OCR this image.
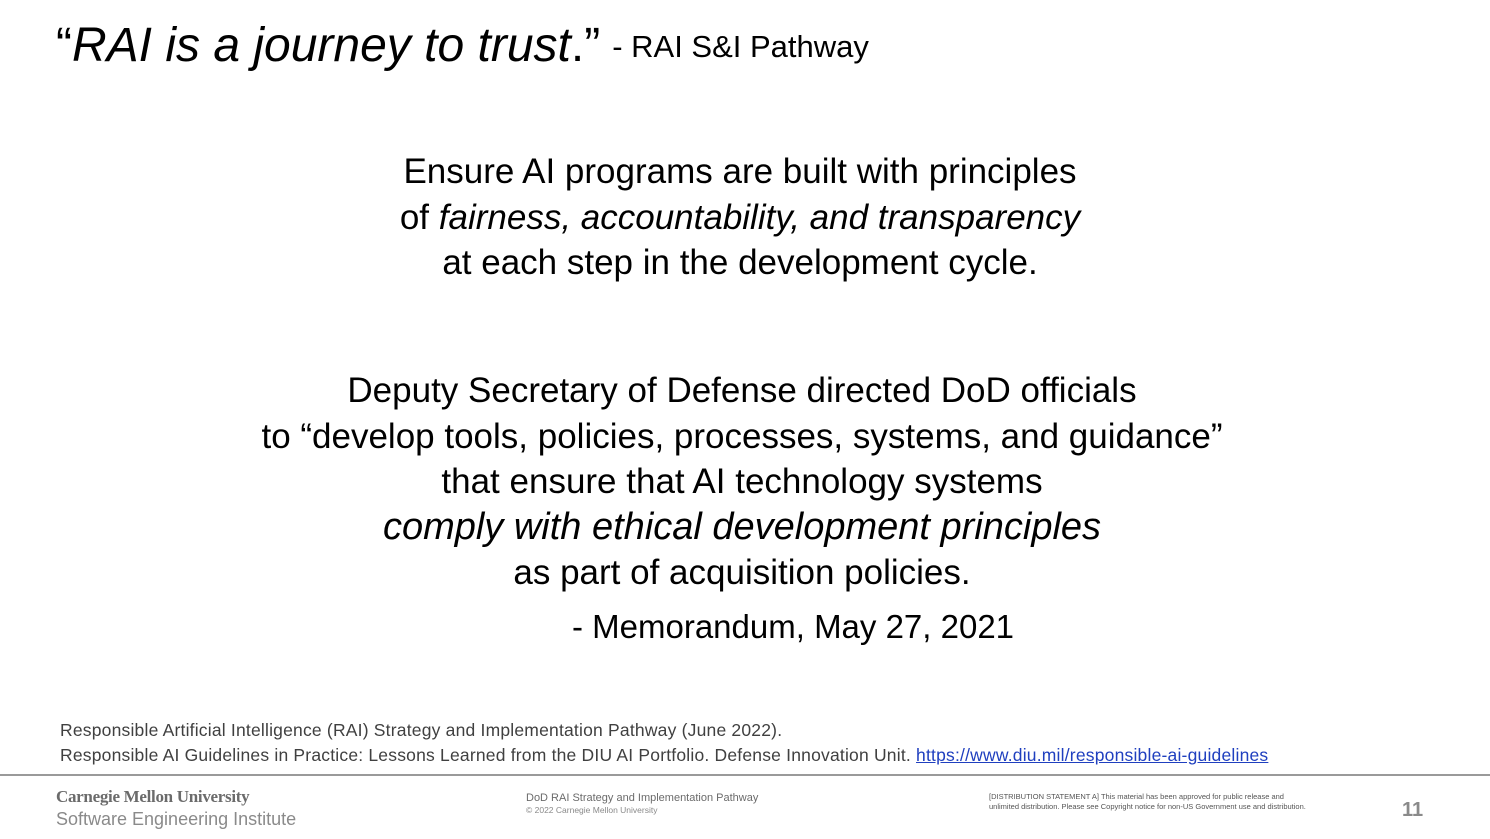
“RAI is a journey to trust.” - RAI S&I Pathway
Ensure AI programs are built with principles
of fairness, accountability, and transparency
at each step in the development cycle.
Deputy Secretary of Defense directed DoD officials
to “develop tools, policies, processes, systems, and guidance”
that ensure that AI technology systems
comply with ethical development principles
as part of acquisition policies.
- Memorandum, May 27, 2021
Responsible Artificial Intelligence (RAI) Strategy and Implementation Pathway (June 2022).
Responsible AI Guidelines in Practice: Lessons Learned from the DIU AI Portfolio. Defense Innovation Unit. https://www.diu.mil/responsible-ai-guidelines
Carnegie Mellon University
Software Engineering Institute
DoD RAI Strategy and Implementation Pathway
© 2022 Carnegie Mellon University
[DISTRIBUTION STATEMENT A] This material has been approved for public release and
unlimited distribution. Please see Copyright notice for non-US Government use and distribution.	11
